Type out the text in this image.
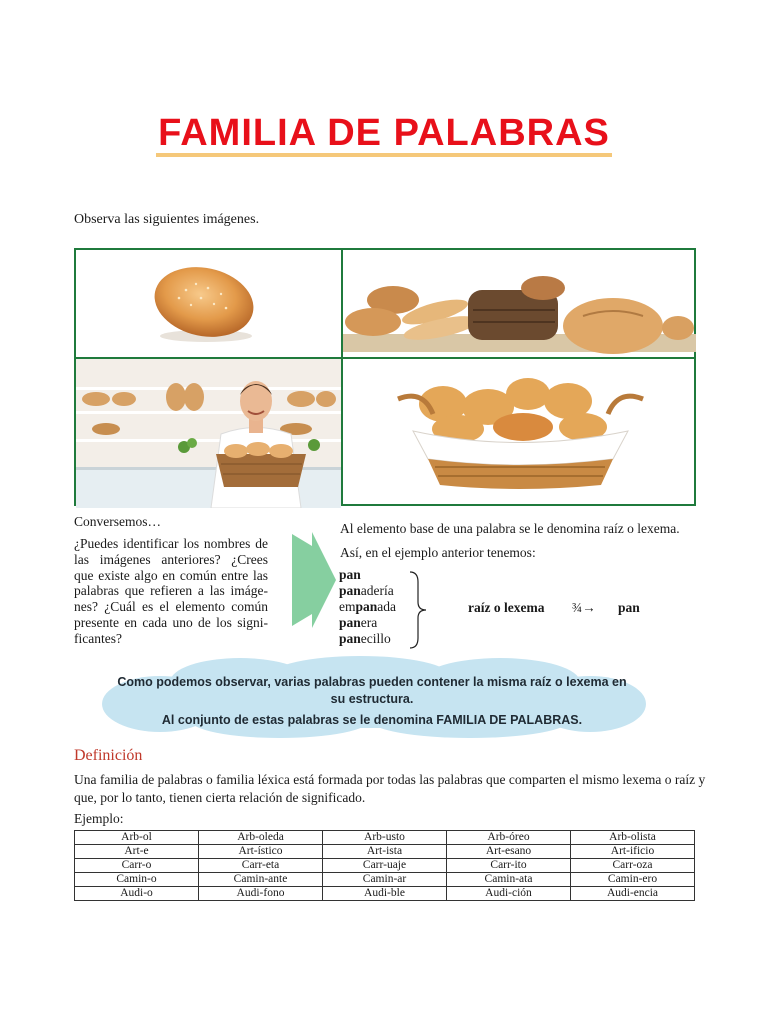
FAMILIA DE PALABRAS
Observa las siguientes imágenes.
Conversemos…
¿Puedes identificar los nombres de las imágenes anteriores? ¿Crees que existe algo en común entre las palabras que refieren a las imáge- nes? ¿Cuál es el elemento común presente en cada uno de los signi- ficantes?
Al elemento base de una palabra se le denomina raíz o lexema.
Así, en el ejemplo anterior tenemos:
pan
panadería
empanada
panera
panecillo
raíz o lexema ¾→ pan
Como podemos observar, varias palabras pueden contener la misma raíz o lexema en su estructura.
Al conjunto de estas palabras se le denomina FAMILIA DE PALABRAS.
Definición
Una familia de palabras o familia léxica está formada por todas las palabras que comparten el mismo lexema o raíz y que, por lo tanto, tienen cierta relación de significado.
Ejemplo:
Arb-ol	Arb-oleda	Arb-usto	Arb-óreo	Arb-olista
Art-e	Art-ístico	Art-ista	Art-esano	Art-ificio
Carr-o	Carr-eta	Carr-uaje	Carr-ito	Carr-oza
Camin-o	Camin-ante	Camin-ar	Camin-ata	Camin-ero
Audi-o	Audi-fono	Audi-ble	Audi-ción	Audi-encia
